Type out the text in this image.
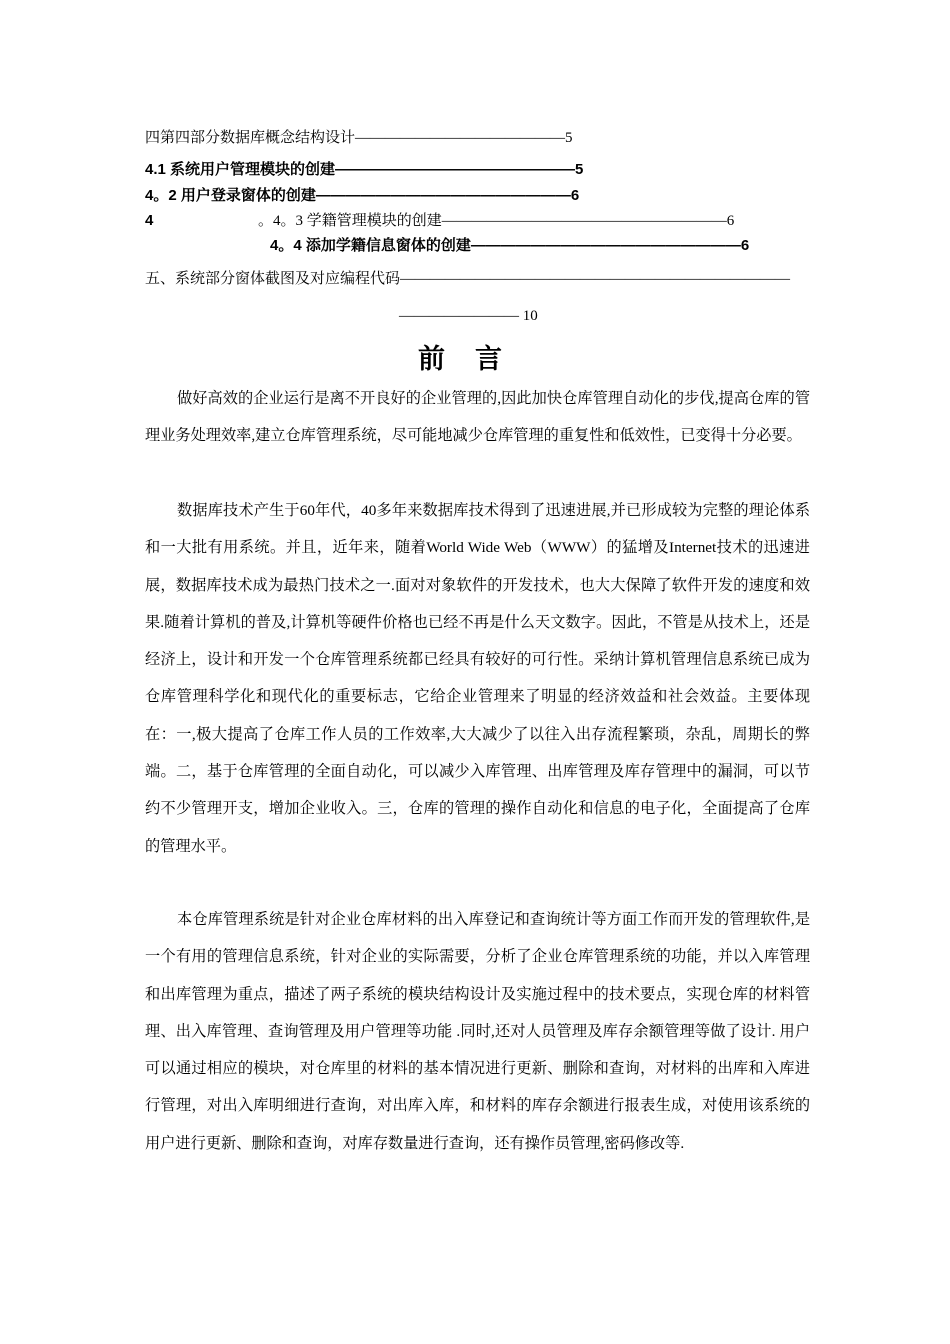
四第四部分数据库概念结构设计——————————————5
4.1 系统用户管理模块的创建————————————————5
4。2 用户登录窗体的创建—————————————————6
4	。4。3 学籍管理模块的创建———————————————————6
4。4 添加学籍信息窗体的创建——————————————————6
五、系统部分窗体截图及对应编程代码——————————————————————————
———————— 10
前言

做好高效的企业运行是离不开良好的企业管理的,因此加快仓库管理自动化的步伐,提高仓库的管理业务处理效率,建立仓库管理系统，尽可能地减少仓库管理的重复性和低效性，已变得十分必要。

数据库技术产生于60年代，40多年来数据库技术得到了迅速进展,并已形成较为完整的理论体系和一大批有用系统。并且，近年来，随着World Wide Web（WWW）的猛增及Internet技术的迅速进展，数据库技术成为最热门技术之一.面对对象软件的开发技术，也大大保障了软件开发的速度和效果.随着计算机的普及,计算机等硬件价格也已经不再是什么天文数字。因此，不管是从技术上，还是经济上，设计和开发一个仓库管理系统都已经具有较好的可行性。采纳计算机管理信息系统已成为仓库管理科学化和现代化的重要标志，它给企业管理来了明显的经济效益和社会效益。主要体现在：一,极大提高了仓库工作人员的工作效率,大大减少了以往入出存流程繁琐，杂乱，周期长的弊端。二，基于仓库管理的全面自动化，可以减少入库管理、出库管理及库存管理中的漏洞，可以节约不少管理开支，增加企业收入。三，仓库的管理的操作自动化和信息的电子化，全面提高了仓库的管理水平。

本仓库管理系统是针对企业仓库材料的出入库登记和查询统计等方面工作而开发的管理软件,是一个有用的管理信息系统，针对企业的实际需要，分析了企业仓库管理系统的功能，并以入库管理和出库管理为重点，描述了两子系统的模块结构设计及实施过程中的技术要点，实现仓库的材料管理、出入库管理、查询管理及用户管理等功能 .同时,还对人员管理及库存余额管理等做了设计. 用户可以通过相应的模块，对仓库里的材料的基本情况进行更新、删除和查询，对材料的出库和入库进行管理，对出入库明细进行查询，对出库入库，和材料的库存余额进行报表生成，对使用该系统的用户进行更新、删除和查询，对库存数量进行查询，还有操作员管理,密码修改等.
